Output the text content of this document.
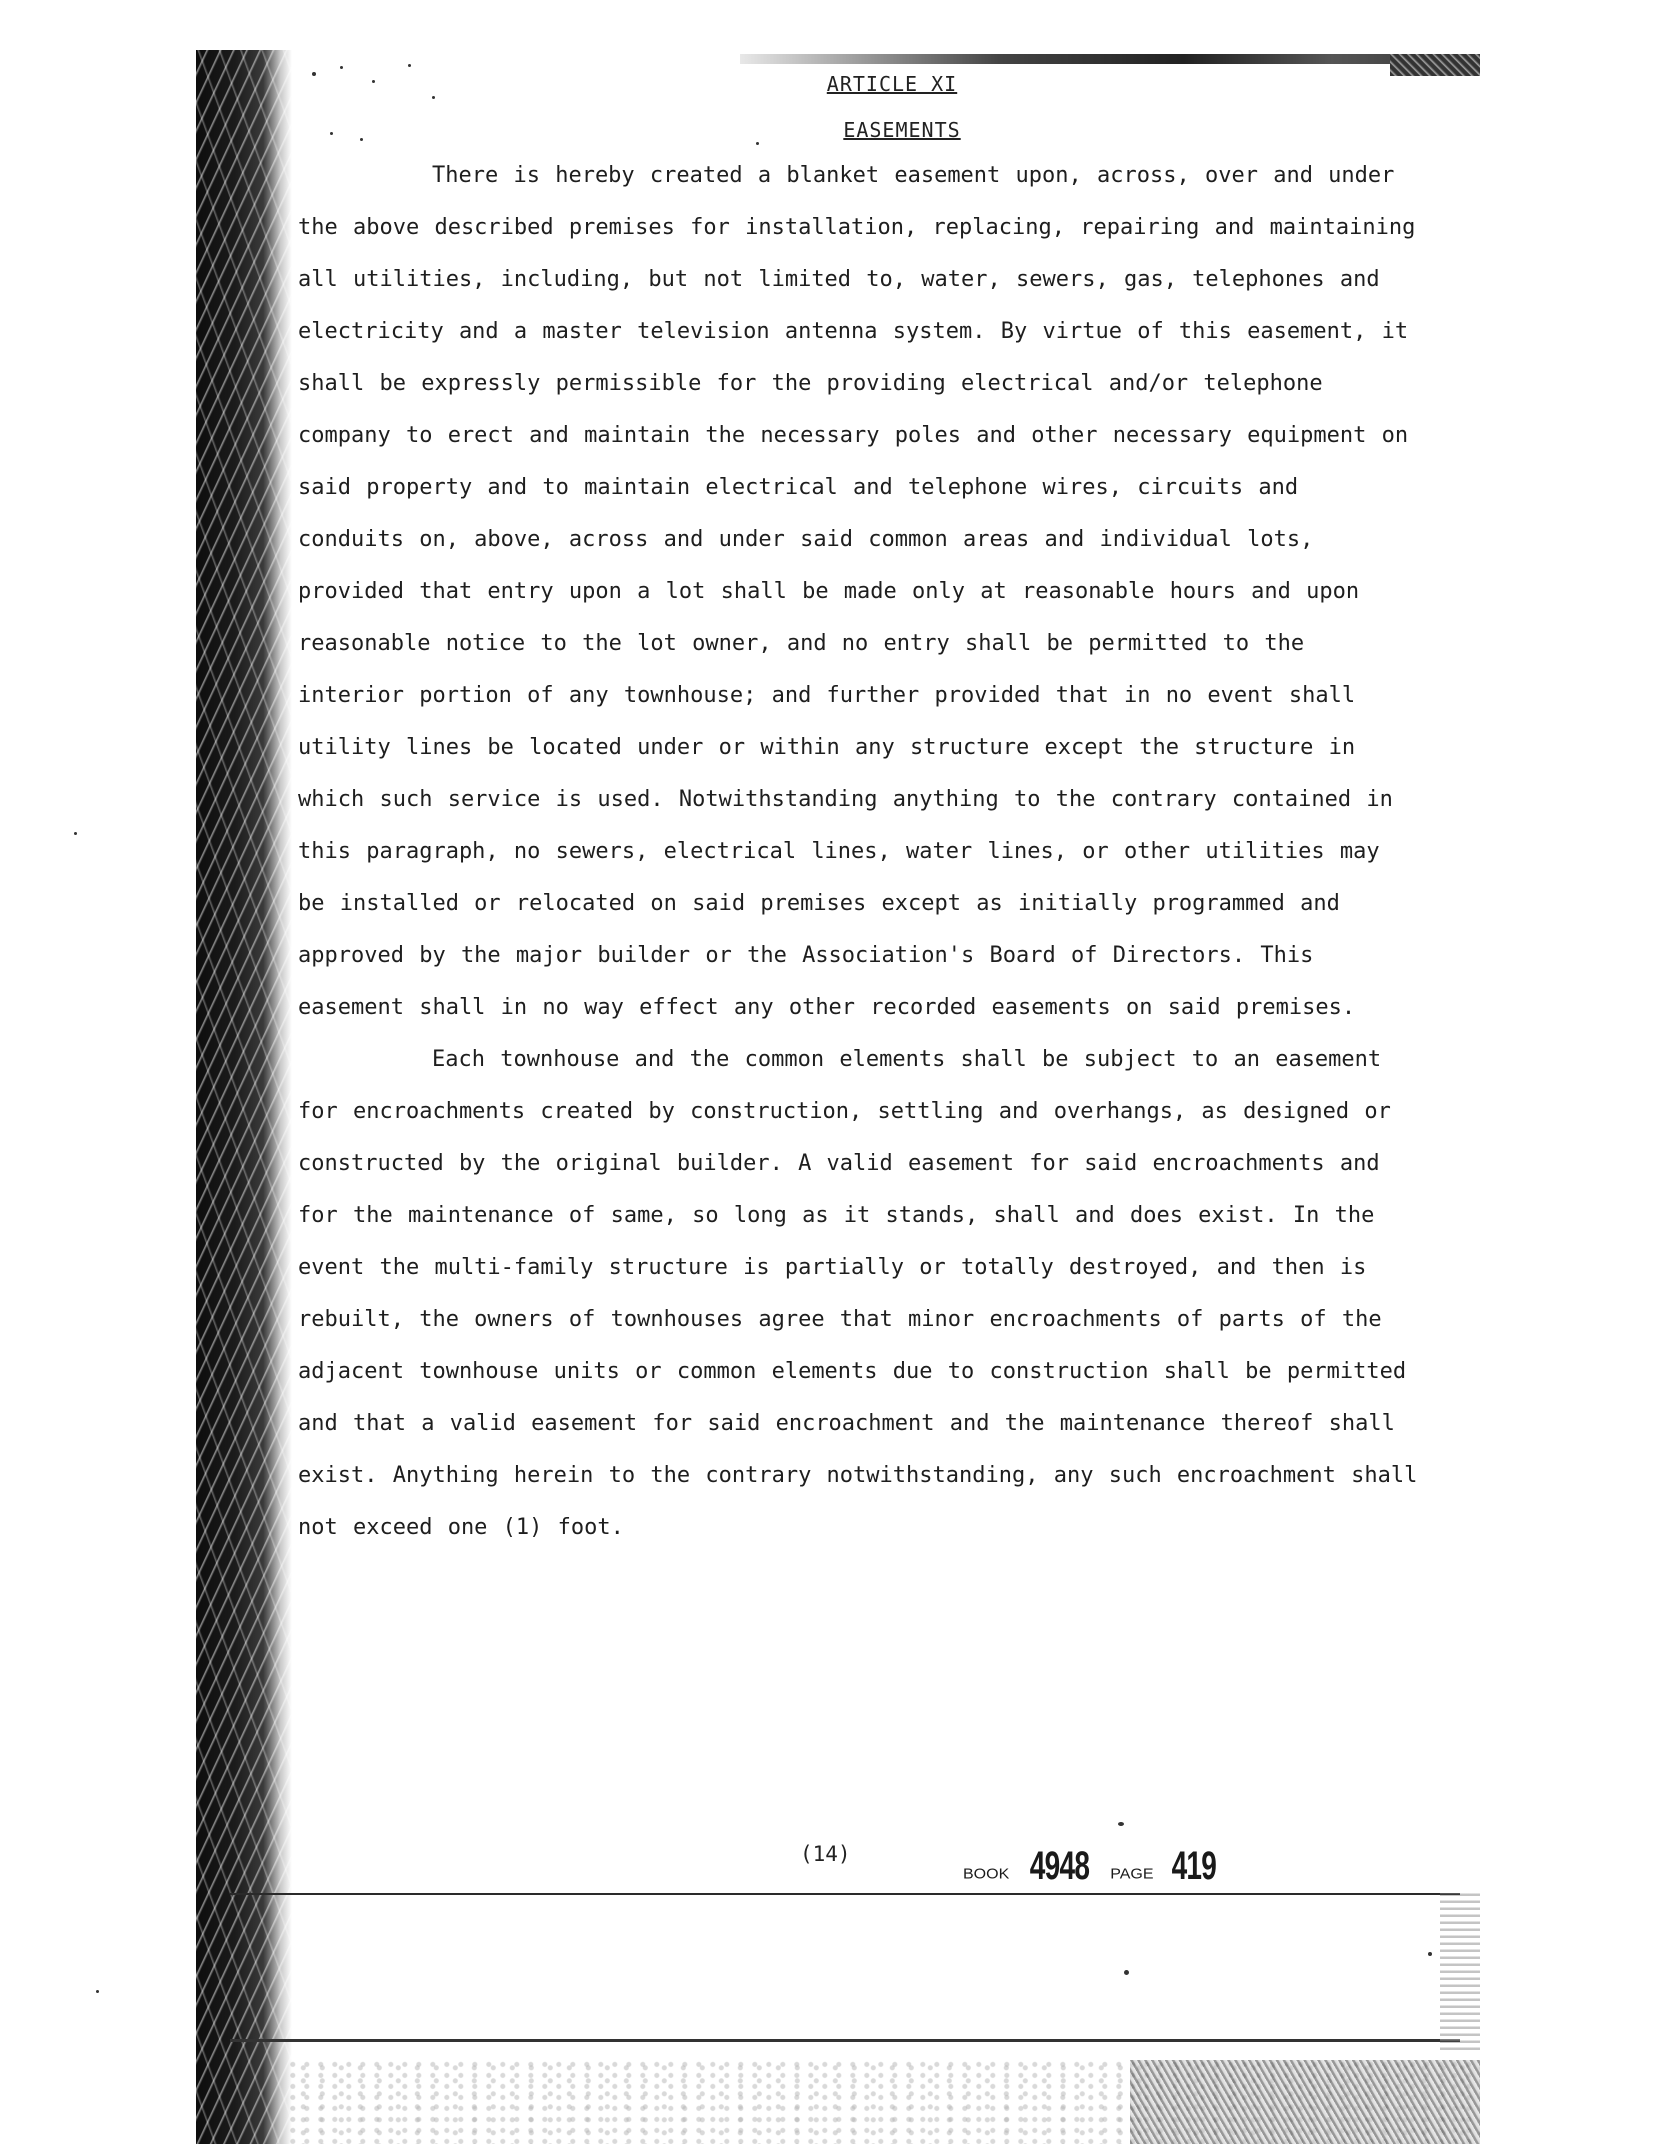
ARTICLE XI
EASEMENTS

There is hereby created a blanket easement upon, across, over and under the above described premises for installation, replacing, repairing and maintaining all utilities, including, but not limited to, water, sewers, gas, telephones and electricity and a master television antenna system. By virtue of this easement, it shall be expressly permissible for the providing electrical and/or telephone company to erect and maintain the necessary poles and other necessary equipment on said property and to maintain electrical and telephone wires, circuits and conduits on, above, across and under said common areas and individual lots, provided that entry upon a lot shall be made only at reasonable hours and upon reasonable notice to the lot owner, and no entry shall be permitted to the interior portion of any townhouse; and further provided that in no event shall utility lines be located under or within any structure except the structure in which such service is used. Notwithstanding anything to the contrary contained in this paragraph, no sewers, electrical lines, water lines, or other utilities may be installed or relocated on said premises except as initially programmed and approved by the major builder or the Association's Board of Directors. This easement shall in no way effect any other recorded easements on said premises.

Each townhouse and the common elements shall be subject to an easement for encroachments created by construction, settling and overhangs, as designed or constructed by the original builder. A valid easement for said encroachments and for the maintenance of same, so long as it stands, shall and does exist. In the event the multi-family structure is partially or totally destroyed, and then is rebuilt, the owners of townhouses agree that minor encroachments of parts of the adjacent townhouse units or common elements due to construction shall be permitted and that a valid easement for said encroachment and the maintenance thereof shall exist. Anything herein to the contrary notwithstanding, any such encroachment shall not exceed one (1) foot.

(14)
BOOK 4948 PAGE 419
